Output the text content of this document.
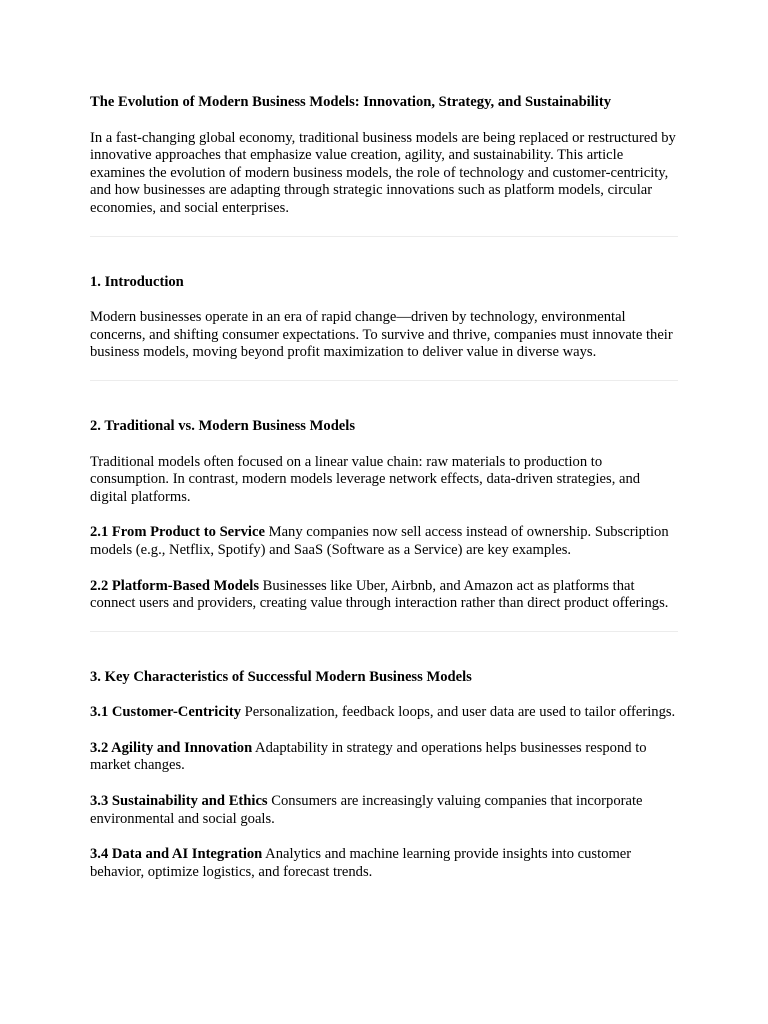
The Evolution of Modern Business Models: Innovation, Strategy, and Sustainability

In a fast-changing global economy, traditional business models are being replaced or restructured by innovative approaches that emphasize value creation, agility, and sustainability. This article examines the evolution of modern business models, the role of technology and customer-centricity, and how businesses are adapting through strategic innovations such as platform models, circular economies, and social enterprises.

1. Introduction

Modern businesses operate in an era of rapid change—driven by technology, environmental concerns, and shifting consumer expectations. To survive and thrive, companies must innovate their business models, moving beyond profit maximization to deliver value in diverse ways.

2. Traditional vs. Modern Business Models

Traditional models often focused on a linear value chain: raw materials to production to consumption. In contrast, modern models leverage network effects, data-driven strategies, and digital platforms.

2.1 From Product to Service Many companies now sell access instead of ownership. Subscription models (e.g., Netflix, Spotify) and SaaS (Software as a Service) are key examples.

2.2 Platform-Based Models Businesses like Uber, Airbnb, and Amazon act as platforms that connect users and providers, creating value through interaction rather than direct product offerings.

3. Key Characteristics of Successful Modern Business Models

3.1 Customer-Centricity Personalization, feedback loops, and user data are used to tailor offerings.

3.2 Agility and Innovation Adaptability in strategy and operations helps businesses respond to market changes.

3.3 Sustainability and Ethics Consumers are increasingly valuing companies that incorporate environmental and social goals.

3.4 Data and AI Integration Analytics and machine learning provide insights into customer behavior, optimize logistics, and forecast trends.
